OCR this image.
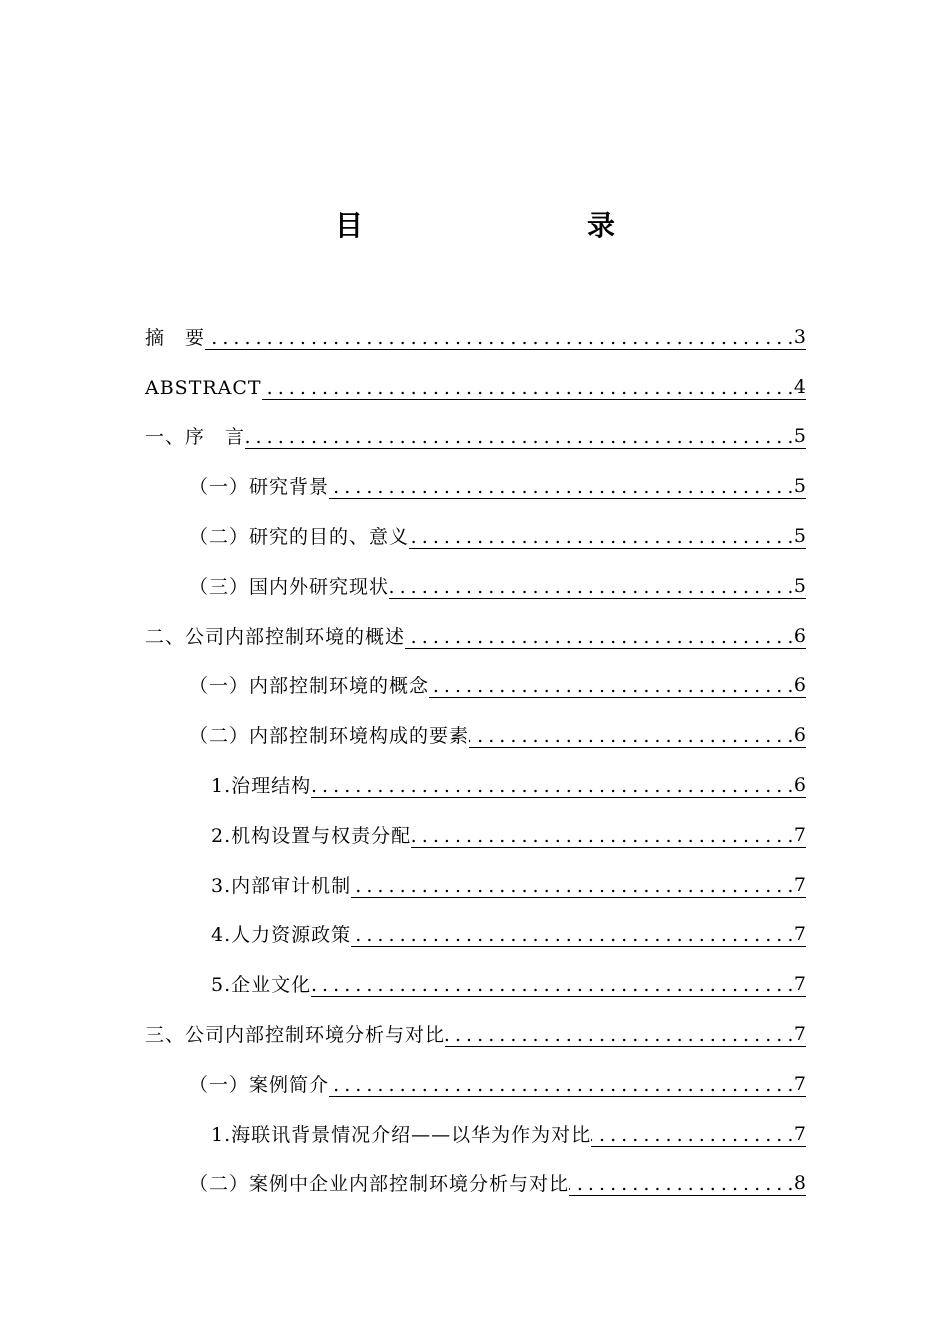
目　　录
摘　要 . . .	3
ABSTRACT . . .	4
一、序　言 . . .	5
（一）研究背景 . . .	5
（二）研究的目的、意义 . . .	5
（三）国内外研究现状 . . .	5
二、公司内部控制环境的概述 . . .	6
（一）内部控制环境的概念 . . .	6
（二）内部控制环境构成的要素 . . .	6
1.治理结构 . . .	6
2.机构设置与权责分配 . . .	7
3.内部审计机制 . . .	7
4.人力资源政策 . . .	7
5.企业文化 . . .	7
三、公司内部控制环境分析与对比 . . .	7
（一）案例简介 . . .	7
1.海联讯背景情况介绍——以华为作为对比 . . .	7
（二）案例中企业内部控制环境分析与对比 . . .	8
